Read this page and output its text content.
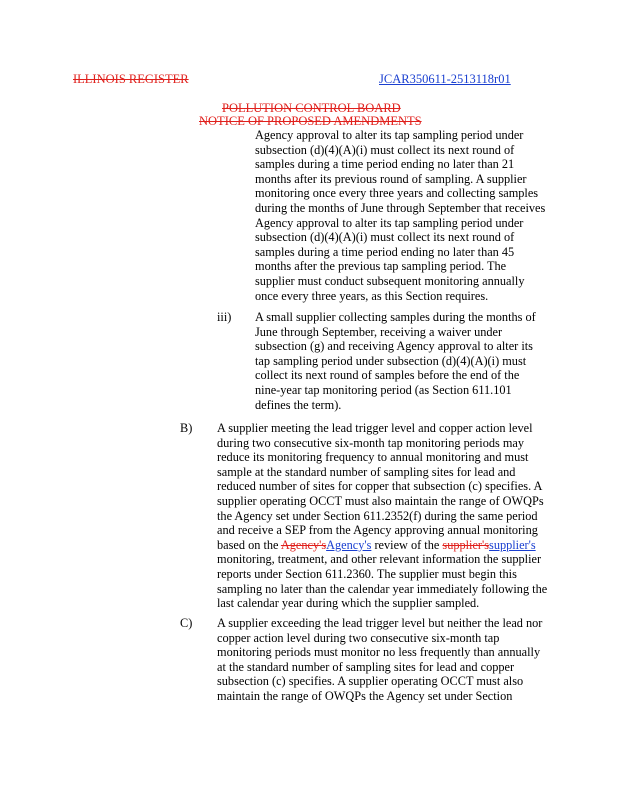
ILLINOIS REGISTER	JCAR350611-2513118r01
POLLUTION CONTROL BOARD
NOTICE OF PROPOSED AMENDMENTS
Agency approval to alter its tap sampling period under
subsection (d)(4)(A)(i) must collect its next round of
samples during a time period ending no later than 21
months after its previous round of sampling. A supplier
monitoring once every three years and collecting samples
during the months of June through September that receives
Agency approval to alter its tap sampling period under
subsection (d)(4)(A)(i) must collect its next round of
samples during a time period ending no later than 45
months after the previous tap sampling period. The
supplier must conduct subsequent monitoring annually
once every three years, as this Section requires.
iii) A small supplier collecting samples during the months of
June through September, receiving a waiver under
subsection (g) and receiving Agency approval to alter its
tap sampling period under subsection (d)(4)(A)(i) must
collect its next round of samples before the end of the
nine-year tap monitoring period (as Section 611.101
defines the term).
B) A supplier meeting the lead trigger level and copper action level
during two consecutive six-month tap monitoring periods may
reduce its monitoring frequency to annual monitoring and must
sample at the standard number of sampling sites for lead and
reduced number of sites for copper that subsection (c) specifies. A
supplier operating OCCT must also maintain the range of OWQPs
the Agency set under Section 611.2352(f) during the same period
and receive a SEP from the Agency approving annual monitoring
based on the Agency'sAgency's review of the supplier'ssupplier's
monitoring, treatment, and other relevant information the supplier
reports under Section 611.2360. The supplier must begin this
sampling no later than the calendar year immediately following the
last calendar year during which the supplier sampled.
C) A supplier exceeding the lead trigger level but neither the lead nor
copper action level during two consecutive six-month tap
monitoring periods must monitor no less frequently than annually
at the standard number of sampling sites for lead and copper
subsection (c) specifies. A supplier operating OCCT must also
maintain the range of OWQPs the Agency set under Section
